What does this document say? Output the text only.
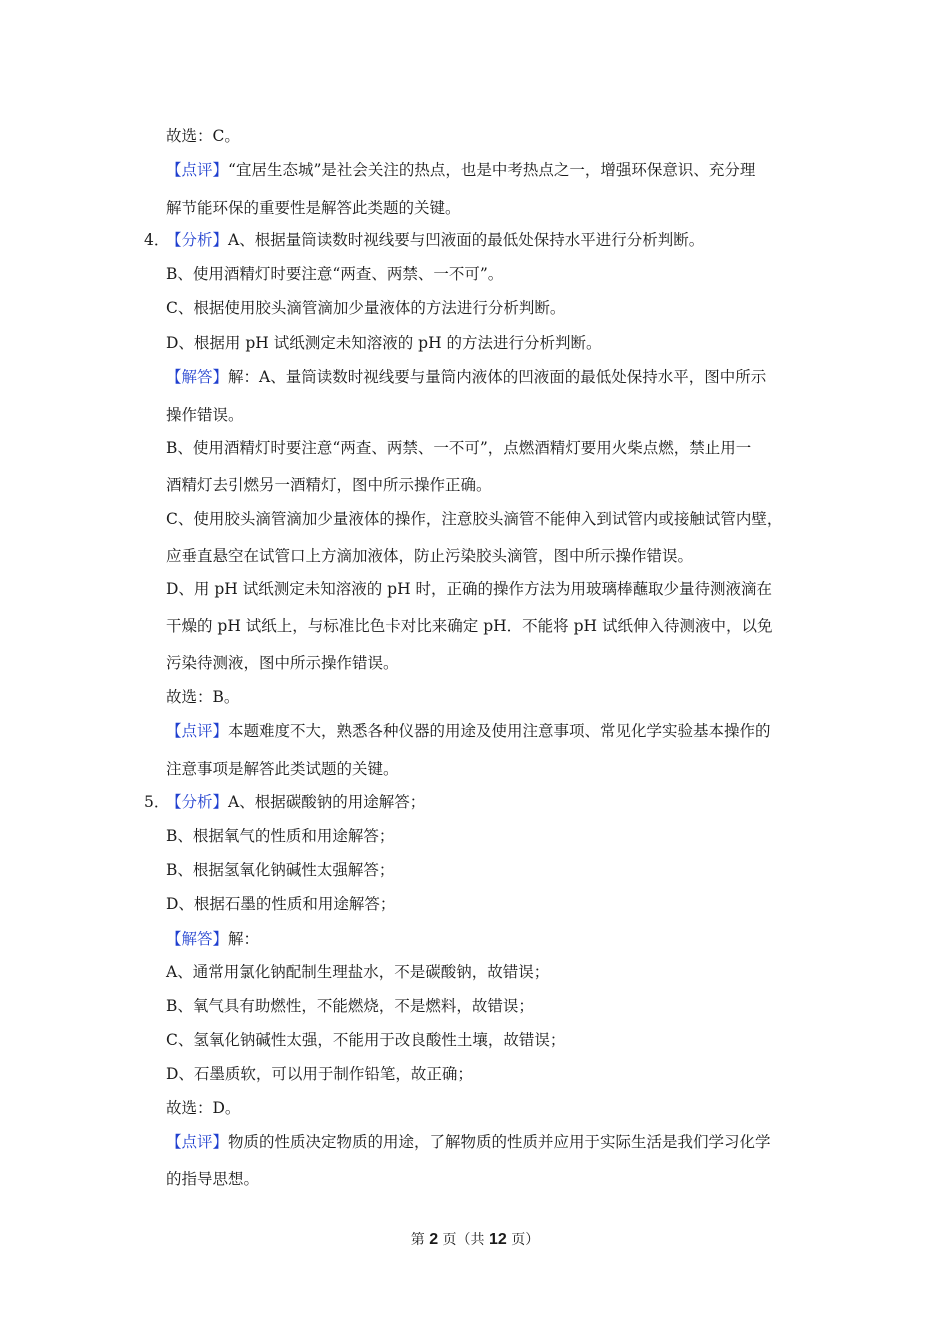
故选：C。
【点评】“宜居生态城”是社会关注的热点，也是中考热点之一，增强环保意识、充分理
解节能环保的重要性是解答此类题的关键。
4．
【分析】A、根据量筒读数时视线要与凹液面的最低处保持水平进行分析判断。
B、使用酒精灯时要注意“两查、两禁、一不可”。
C、根据使用胶头滴管滴加少量液体的方法进行分析判断。
D、根据用 pH 试纸测定未知溶液的 pH 的方法进行分析判断。
【解答】解：A、量筒读数时视线要与量筒内液体的凹液面的最低处保持水平，图中所示
操作错误。
B、使用酒精灯时要注意“两查、两禁、一不可”，点燃酒精灯要用火柴点燃，禁止用一
酒精灯去引燃另一酒精灯，图中所示操作正确。
C、使用胶头滴管滴加少量液体的操作，注意胶头滴管不能伸入到试管内或接触试管内壁，
应垂直悬空在试管口上方滴加液体，防止污染胶头滴管，图中所示操作错误。
D、用 pH 试纸测定未知溶液的 pH 时，正确的操作方法为用玻璃棒蘸取少量待测液滴在
干燥的 pH 试纸上，与标准比色卡对比来确定 pH．不能将 pH 试纸伸入待测液中，以免
污染待测液，图中所示操作错误。
故选：B。
【点评】本题难度不大，熟悉各种仪器的用途及使用注意事项、常见化学实验基本操作的
注意事项是解答此类试题的关键。
5．
【分析】A、根据碳酸钠的用途解答；
B、根据氧气的性质和用途解答；
B、根据氢氧化钠碱性太强解答；
D、根据石墨的性质和用途解答；
【解答】解：
A、通常用氯化钠配制生理盐水，不是碳酸钠，故错误；
B、氧气具有助燃性，不能燃烧，不是燃料，故错误；
C、氢氧化钠碱性太强，不能用于改良酸性土壤，故错误；
D、石墨质软，可以用于制作铅笔，故正确；
故选：D。
【点评】物质的性质决定物质的用途，了解物质的性质并应用于实际生活是我们学习化学
的指导思想。
第 2 页（共 12 页）
